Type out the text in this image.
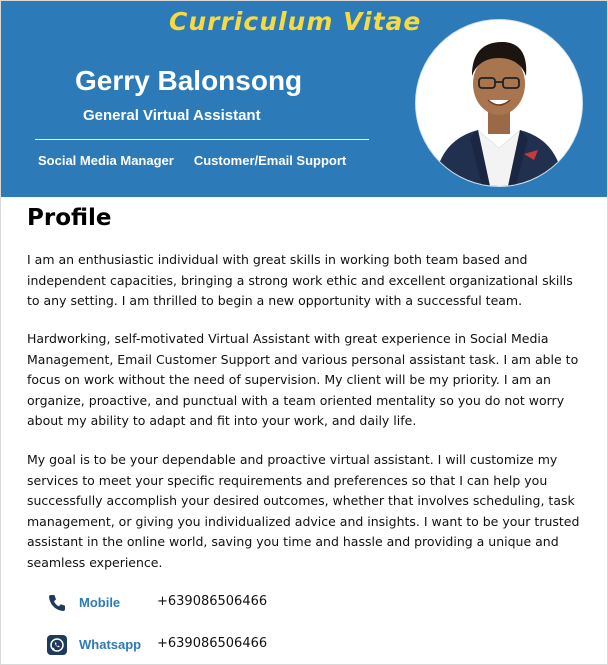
Curriculum Vitae
Gerry Balonsong
General Virtual Assistant
Social Media Manager Customer/Email Support
Profile

I am an enthusiastic individual with great skills in working both team based and independent capacities, bringing a strong work ethic and excellent organizational skills to any setting. I am thrilled to begin a new opportunity with a successful team.

Hardworking, self-motivated Virtual Assistant with great experience in Social Media Management, Email Customer Support and various personal assistant task. I am able to focus on work without the need of supervision. My client will be my priority. I am an organize, proactive, and punctual with a team oriented mentality so you do not worry about my ability to adapt and fit into your work, and daily life.

My goal is to be your dependable and proactive virtual assistant. I will customize my services to meet your specific requirements and preferences so that I can help you successfully accomplish your desired outcomes, whether that involves scheduling, task management, or giving you individualized advice and insights. I want to be your trusted assistant in the online world, saving you time and hassle and providing a unique and seamless experience.

Mobile	+639086506466
Whatsapp +639086506466
